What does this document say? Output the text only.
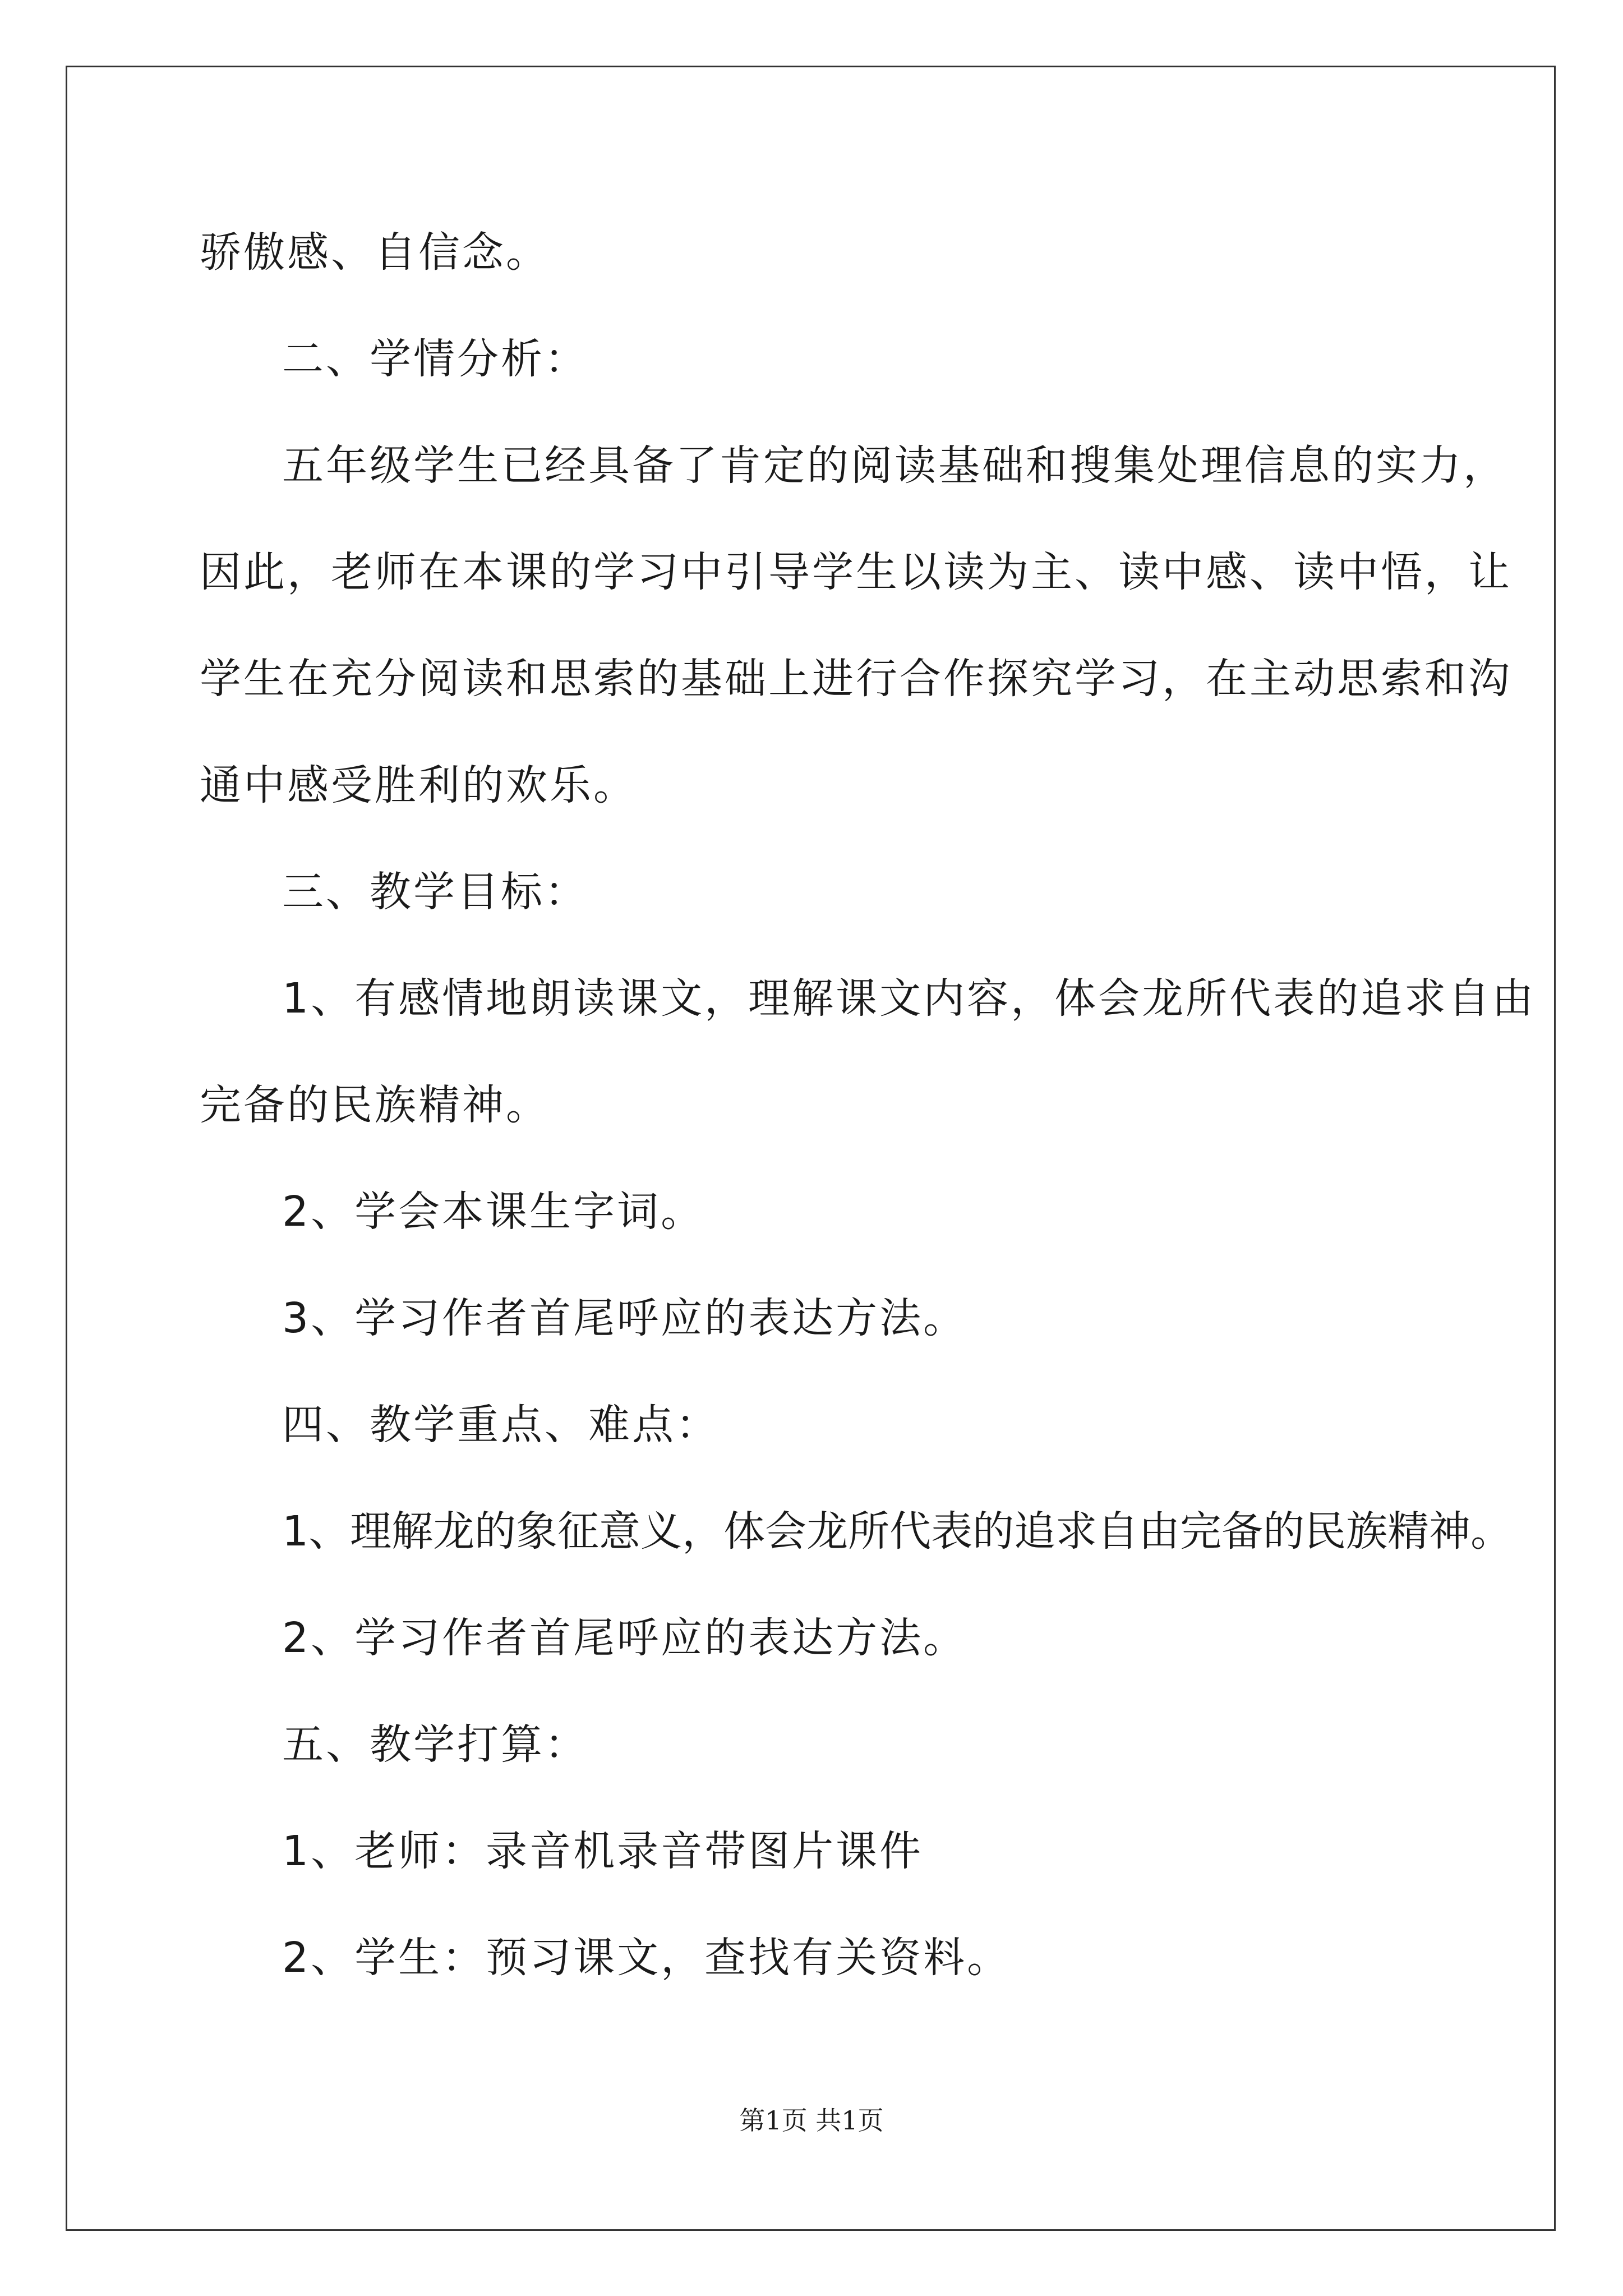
骄傲感、自信念。
二、学情分析：
五年级学生已经具备了肯定的阅读基础和搜集处理信息的实力，
因此，老师在本课的学习中引导学生以读为主、读中感、读中悟，让
学生在充分阅读和思索的基础上进行合作探究学习，在主动思索和沟
通中感受胜利的欢乐。
三、教学目标：
1、有感情地朗读课文，理解课文内容，体会龙所代表的追求自由
完备的民族精神。
2、学会本课生字词。
3、学习作者首尾呼应的表达方法。
四、教学重点、难点：
1、理解龙的象征意义，体会龙所代表的追求自由完备的民族精神。
2、学习作者首尾呼应的表达方法。
五、教学打算：
1、老师：录音机录音带图片课件
2、学生：预习课文，查找有关资料。
第1页 共1页
